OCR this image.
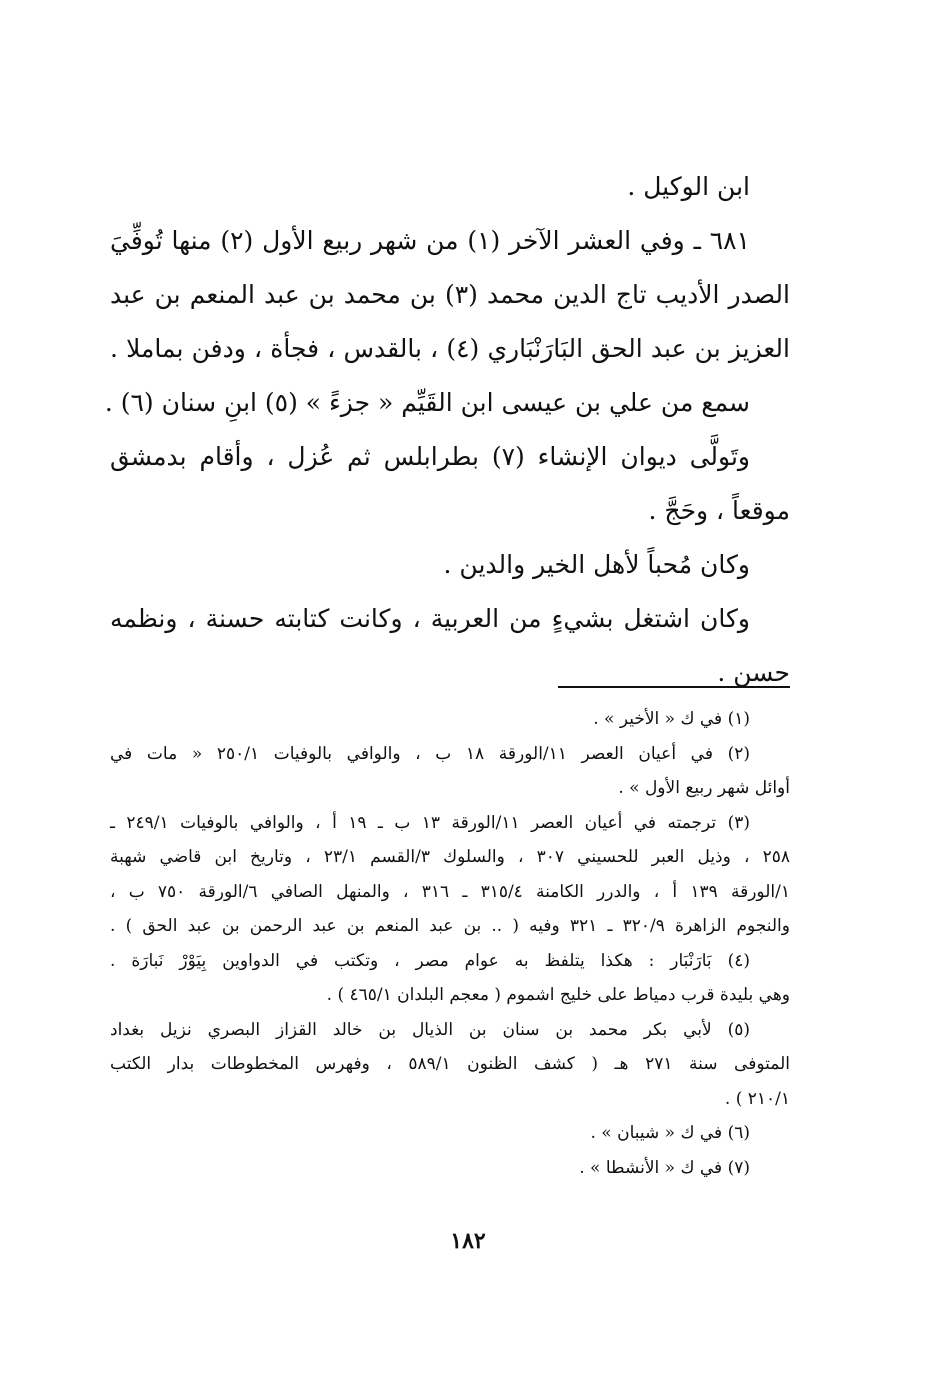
ابن الوكيل .
٦٨١ ـ وفي العشر الآخر (١) من شهر ربيع الأول (٢) منها تُوفِّيَ
الصدر الأديب تاج الدين محمد (٣) بن محمد بن عبد المنعم بن عبد
العزيز بن عبد الحق البَارَنْبَاري (٤) ، بالقدس ، فجأة ، ودفن بماملا .
سمع من علي بن عيسى ابن القَيِّم « جزءً » (٥) ابنِ سنان (٦) .
وتَولَّى ديوان الإنشاء (٧) بطرابلس ثم عُزل ، وأقام بدمشق
موقعاً ، وحَجَّ .
وكان مُحباً لأهل الخير والدين .
وكان اشتغل بشيءٍ من العربية ، وكانت كتابته حسنة ، ونظمه
حسن .
(١) في ك « الأخير » .
(٢) في أعيان العصر ١١/الورقة ١٨ ب ، والوافي بالوفيات ٢٥٠/١ « مات في
أوائل شهر ربيع الأول » .
(٣) ترجمته في أعيان العصر ١١/الورقة ١٣ ب ـ ١٩ أ ، والوافي بالوفيات ٢٤٩/١ ـ
٢٥٨ ، وذيل العبر للحسيني ٣٠٧ ، والسلوك ٣/القسم ٢٣/١ ، وتاريخ ابن قاضي شهبة
١/الورقة ١٣٩ أ ، والدرر الكامنة ٣١٥/٤ ـ ٣١٦ ، والمنهل الصافي ٦/الورقة ٧٥٠ ب ،
والنجوم الزاهرة ٣٢٠/٩ ـ ٣٢١ وفيه ( .. بن عبد المنعم بن عبد الرحمن بن عبد الحق ) .
(٤) بَارَنْبَار : هكذا يتلفظ به عوام مصر ، وتكتب في الدواوين بِيَوْرْ نَبارَة .
وهي بليدة قرب دمياط على خليج اشموم ( معجم البلدان ٤٦٥/١ ) .
(٥) لأبي بكر محمد بن سنان بن الذيال بن خالد القزاز البصري نزيل بغداد
المتوفى سنة ٢٧١ هـ ( كشف الظنون ٥٨٩/١ ، وفهرس المخطوطات بدار الكتب
٢١٠/١ ) .
(٦) في ك « شيبان » .
(٧) في ك « الأنشطا » .
١٨٢
